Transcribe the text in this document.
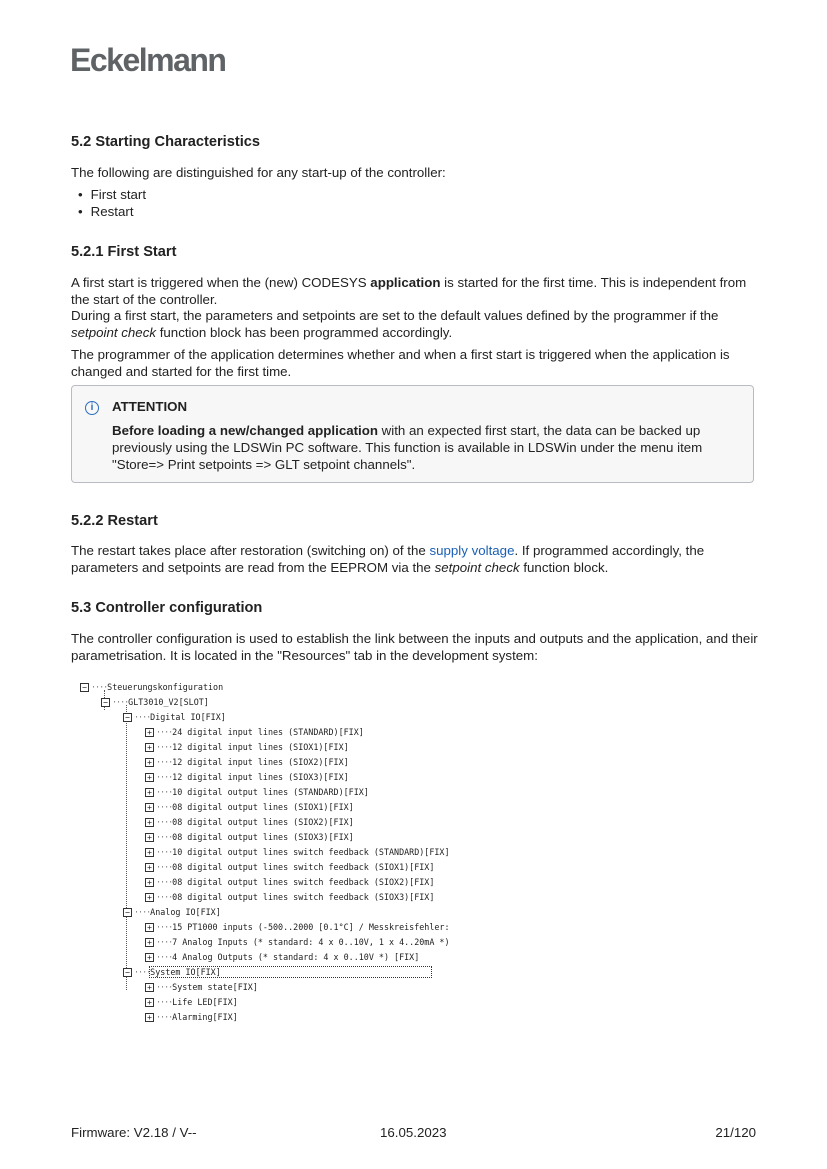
Eckelmann
5.2 Starting Characteristics
The following are distinguished for any start-up of the controller:
• First start
• Restart
5.2.1 First Start
A first start is triggered when the (new) CODESYS application is started for the first time. This is independent from the start of the controller.
During a first start, the parameters and setpoints are set to the default values defined by the programmer if the setpoint check function block has been programmed accordingly.
The programmer of the application determines whether and when a first start is triggered when the application is changed and started for the first time.
i	ATTENTION
Before loading a new/changed application with an expected first start, the data can be backed up previously using the LDSWin PC software. This function is available in LDSWin under the menu item "Store=> Print setpoints => GLT setpoint channels".
5.2.2 Restart
The restart takes place after restoration (switching on) of the supply voltage. If programmed accordingly, the parameters and setpoints are read from the EEPROM via the setpoint check function block.
5.3 Controller configuration
The controller configuration is used to establish the link between the inputs and outputs and the application, and their parametrisation. It is located in the "Resources" tab in the development system:
− ····Steuerungskonfiguration
− ····GLT3010_V2[SLOT]
− ····Digital IO[FIX]
+ ····24 digital input lines (STANDARD)[FIX]
+ ····12 digital input lines (SIOX1)[FIX]
+ ····12 digital input lines (SIOX2)[FIX]
+ ····12 digital input lines (SIOX3)[FIX]
+ ····10 digital output lines (STANDARD)[FIX]
+ ····08 digital output lines (SIOX1)[FIX]
+ ····08 digital output lines (SIOX2)[FIX]
+ ····08 digital output lines (SIOX3)[FIX]
+ ····10 digital output lines switch feedback (STANDARD)[FIX]
+ ····08 digital output lines switch feedback (SIOX1)[FIX]
+ ····08 digital output lines switch feedback (SIOX2)[FIX]
+ ····08 digital output lines switch feedback (SIOX3)[FIX]
− ····Analog IO[FIX]
+ ····15 PT1000 inputs (-500..2000 [0.1°C] / Messkreisfehler:
+ ····7 Analog Inputs (* standard: 4 x 0..10V, 1 x 4..20mA *)
+ ····4 Analog Outputs (* standard: 4 x 0..10V *) [FIX]
− ····System IO[FIX]
+ ····System state[FIX]
+ ····Life LED[FIX]
+ ····Alarming[FIX]
Firmware: V2.18 / V--	16.05.2023	21/120
